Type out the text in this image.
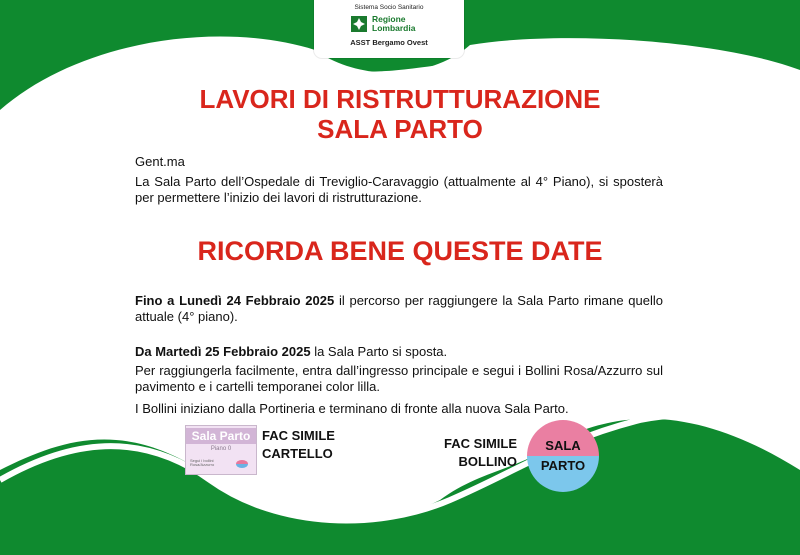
Sistema Socio Sanitario
Regione
Lombardia
ASST Bergamo Ovest
LAVORI DI RISTRUTTURAZIONE
SALA PARTO
Gent.ma
La Sala Parto dell’Ospedale di Treviglio-Caravaggio (attualmente al 4° Piano), si sposterà per permettere l’inizio dei lavori di ristrutturazione.
RICORDA BENE QUESTE DATE
Fino a Lunedì 24 Febbraio 2025 il percorso per raggiungere la Sala Parto rimane quello attuale (4° piano).
Da Martedì 25 Febbraio 2025 la Sala Parto si sposta.
Per raggiungerla facilmente, entra dall’ingresso principale e segui i Bollini Rosa/Azzurro sul pavimento e i cartelli temporanei color lilla.
I Bollini iniziano dalla Portineria e terminano di fronte alla nuova Sala Parto.
Sala Parto
Piano 0
Segui i bollini Rosa/Azzurro
FAC SIMILE
CARTELLO
FAC SIMILE
BOLLINO
SALA
PARTO
